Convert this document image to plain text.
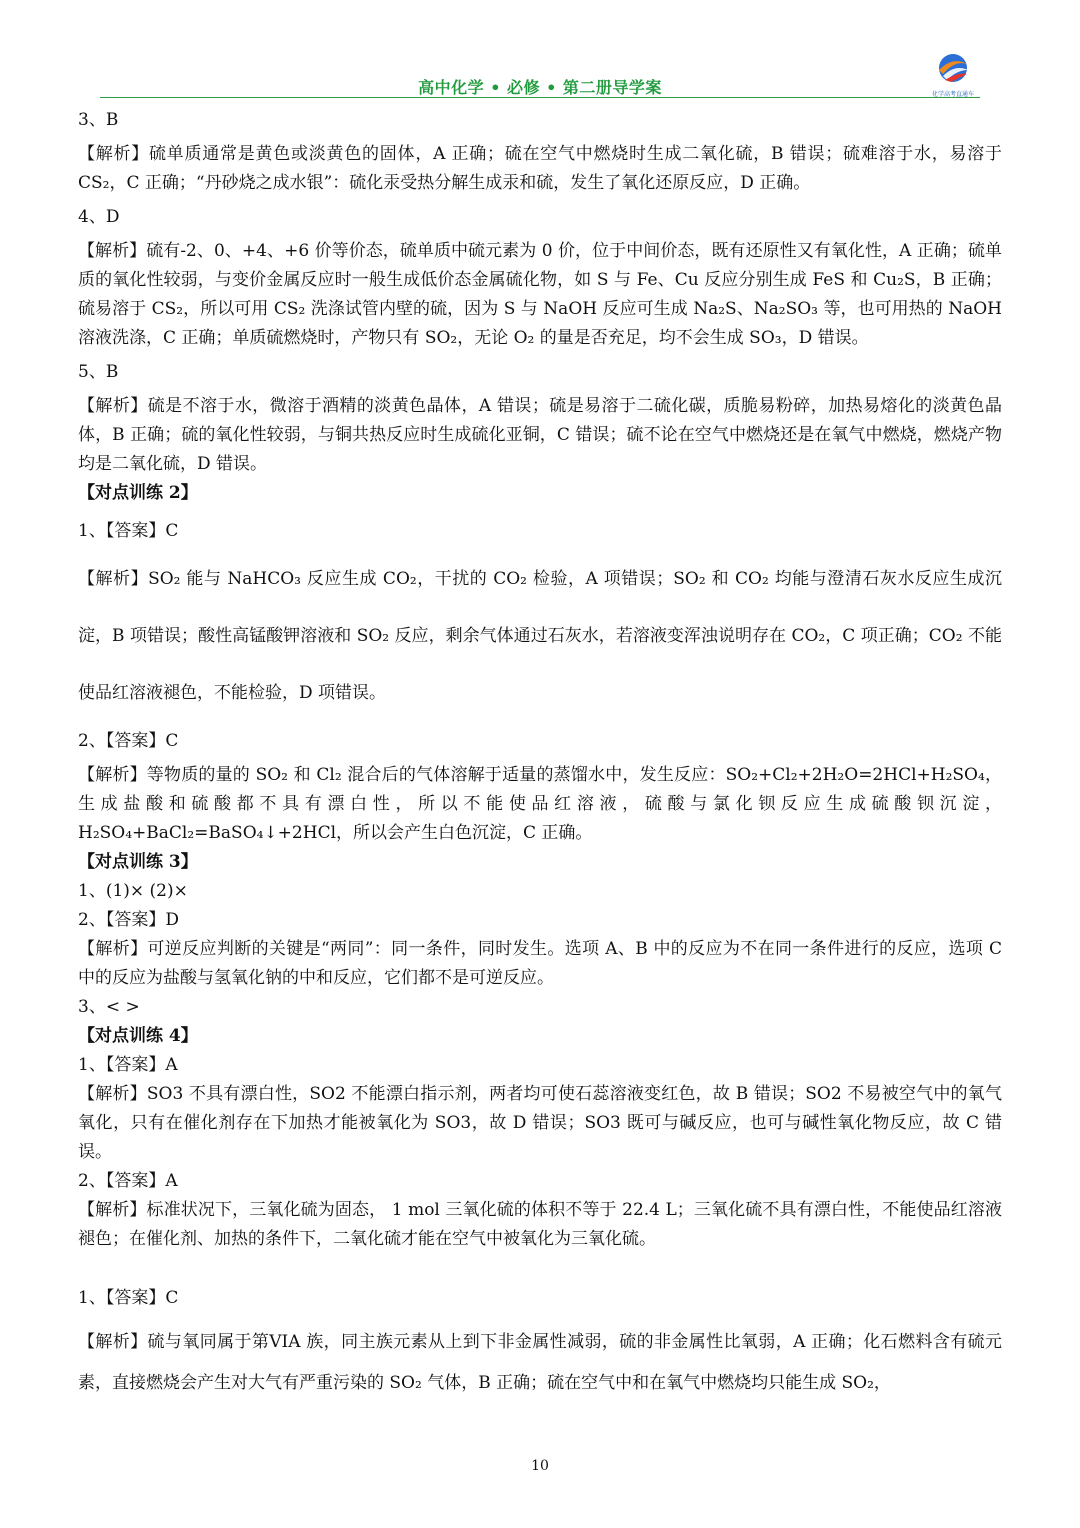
高中化学 • 必修 • 第二册导学案	化学高考直通车

3、B

【解析】硫单质通常是黄色或淡黄色的固体，A 正确；硫在空气中燃烧时生成二氧化硫，B 错误；硫难溶于水，易溶于 CS₂，C 正确；“丹砂烧之成水银”：硫化汞受热分解生成汞和硫，发生了氧化还原反应，D 正确。

4、D

【解析】硫有-2、0、+4、+6 价等价态，硫单质中硫元素为 0 价，位于中间价态，既有还原性又有氧化性，A 正确；硫单质的氧化性较弱，与变价金属反应时一般生成低价态金属硫化物，如 S 与 Fe、Cu 反应分别生成 FeS 和 Cu₂S，B 正确；硫易溶于 CS₂，所以可用 CS₂ 洗涤试管内壁的硫，因为 S 与 NaOH 反应可生成 Na₂S、Na₂SO₃ 等，也可用热的 NaOH 溶液洗涤，C 正确；单质硫燃烧时，产物只有 SO₂，无论 O₂ 的量是否充足，均不会生成 SO₃，D 错误。

5、B

【解析】硫是不溶于水，微溶于酒精的淡黄色晶体，A 错误；硫是易溶于二硫化碳，质脆易粉碎，加热易熔化的淡黄色晶体，B 正确；硫的氧化性较弱，与铜共热反应时生成硫化亚铜，C 错误；硫不论在空气中燃烧还是在氧气中燃烧，燃烧产物均是二氧化硫，D 错误。

【对点训练 2】

1、【答案】C

【解析】SO₂ 能与 NaHCO₃ 反应生成 CO₂，干扰的 CO₂ 检验，A 项错误；SO₂ 和 CO₂ 均能与澄清石灰水反应生成沉淀，B 项错误；酸性高锰酸钾溶液和 SO₂ 反应，剩余气体通过石灰水，若溶液变浑浊说明存在 CO₂，C 项正确；CO₂ 不能使品红溶液褪色，不能检验，D 项错误。

2、【答案】C

【解析】等物质的量的 SO₂ 和 Cl₂ 混合后的气体溶解于适量的蒸馏水中，发生反应：SO₂+Cl₂+2H₂O=2HCl+H₂SO₄，生成盐酸和硫酸都不具有漂白性，所以不能使品红溶液，硫酸与氯化钡反应生成硫酸钡沉淀，H₂SO₄+BaCl₂=BaSO₄↓+2HCl，所以会产生白色沉淀，C 正确。

【对点训练 3】

1、(1)× (2)×

2、【答案】D

【解析】可逆反应判断的关键是“两同”：同一条件，同时发生。选项 A、B 中的反应为不在同一条件进行的反应，选项 C 中的反应为盐酸与氢氧化钠的中和反应，它们都不是可逆反应。

3、< >

【对点训练 4】

1、【答案】A

【解析】SO3 不具有漂白性，SO2 不能漂白指示剂，两者均可使石蕊溶液变红色，故 B 错误；SO2 不易被空气中的氧气氧化，只有在催化剂存在下加热才能被氧化为 SO3，故 D 错误；SO3 既可与碱反应，也可与碱性氧化物反应，故 C 错误。

2、【答案】A

【解析】标准状况下，三氧化硫为固态， 1 mol 三氧化硫的体积不等于 22.4 L；三氧化硫不具有漂白性，不能使品红溶液褪色；在催化剂、加热的条件下，二氧化硫才能在空气中被氧化为三氧化硫。

1、【答案】C

【解析】硫与氧同属于第VIA 族，同主族元素从上到下非金属性减弱，硫的非金属性比氧弱，A 正确；化石燃料含有硫元素，直接燃烧会产生对大气有严重污染的 SO₂ 气体，B 正确；硫在空气中和在氧气中燃烧均只能生成 SO₂，

10
